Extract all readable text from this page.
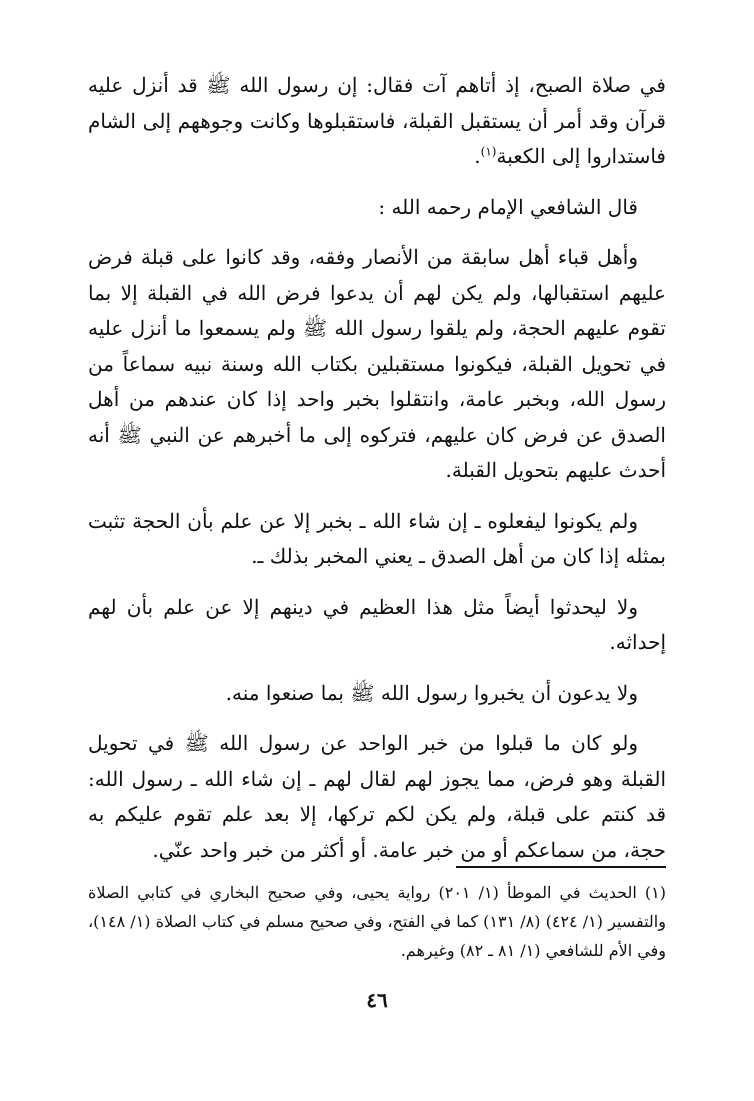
في صلاة الصبح، إذ أتاهم آت فقال: إن رسول الله ﷺ قد أنزل عليه قرآن وقد أمر أن يستقبل القبلة، فاستقبلوها وكانت وجوههم إلى الشام فاستداروا إلى الكعبة$^{(١)}$.

قال الشافعي الإمام رحمه الله :

وأهل قباء أهل سابقة من الأنصار وفقه، وقد كانوا على قبلة فرض عليهم استقبالها، ولم يكن لهم أن يدعوا فرض الله في القبلة إلا بما تقوم عليهم الحجة، ولم يلقوا رسول الله ﷺ ولم يسمعوا ما أنزل عليه في تحويل القبلة، فيكونوا مستقبلين بكتاب الله وسنة نبيه سماعاً من رسول الله، وبخبر عامة، وانتقلوا بخبر واحد إذا كان عندهم من أهل الصدق عن فرض كان عليهم، فتركوه إلى ما أخبرهم عن النبي ﷺ أنه أحدث عليهم بتحويل القبلة.

ولم يكونوا ليفعلوه ـ إن شاء الله ـ بخبر إلا عن علم بأن الحجة تثبت بمثله إذا كان من أهل الصدق ـ يعني المخبر بذلك ـ.

ولا ليحدثوا أيضاً مثل هذا العظيم في دينهم إلا عن علم بأن لهم إحداثه.

ولا يدعون أن يخبروا رسول الله ﷺ بما صنعوا منه.

ولو كان ما قبلوا من خبر الواحد عن رسول الله ﷺ في تحويل القبلة وهو فرض، مما يجوز لهم لقال لهم ـ إن شاء الله ـ رسول الله: قد كنتم على قبلة، ولم يكن لكم تركها، إلا بعد علم تقوم عليكم به حجة، من سماعكم أو من خبر عامة. أو أكثر من خبر واحد عنّي.

(١) الحديث في الموطأ (١/ ٢٠١) رواية يحيى، وفي صحيح البخاري في كتابي الصلاة والتفسير (١/ ٤٢٤) (٨/ ١٣١) كما في الفتح، وفي صحيح مسلم في كتاب الصلاة (١/ ١٤٨)، وفي الأم للشافعي (١/ ٨١ ـ ٨٢) وغيرهم.

٤٦
